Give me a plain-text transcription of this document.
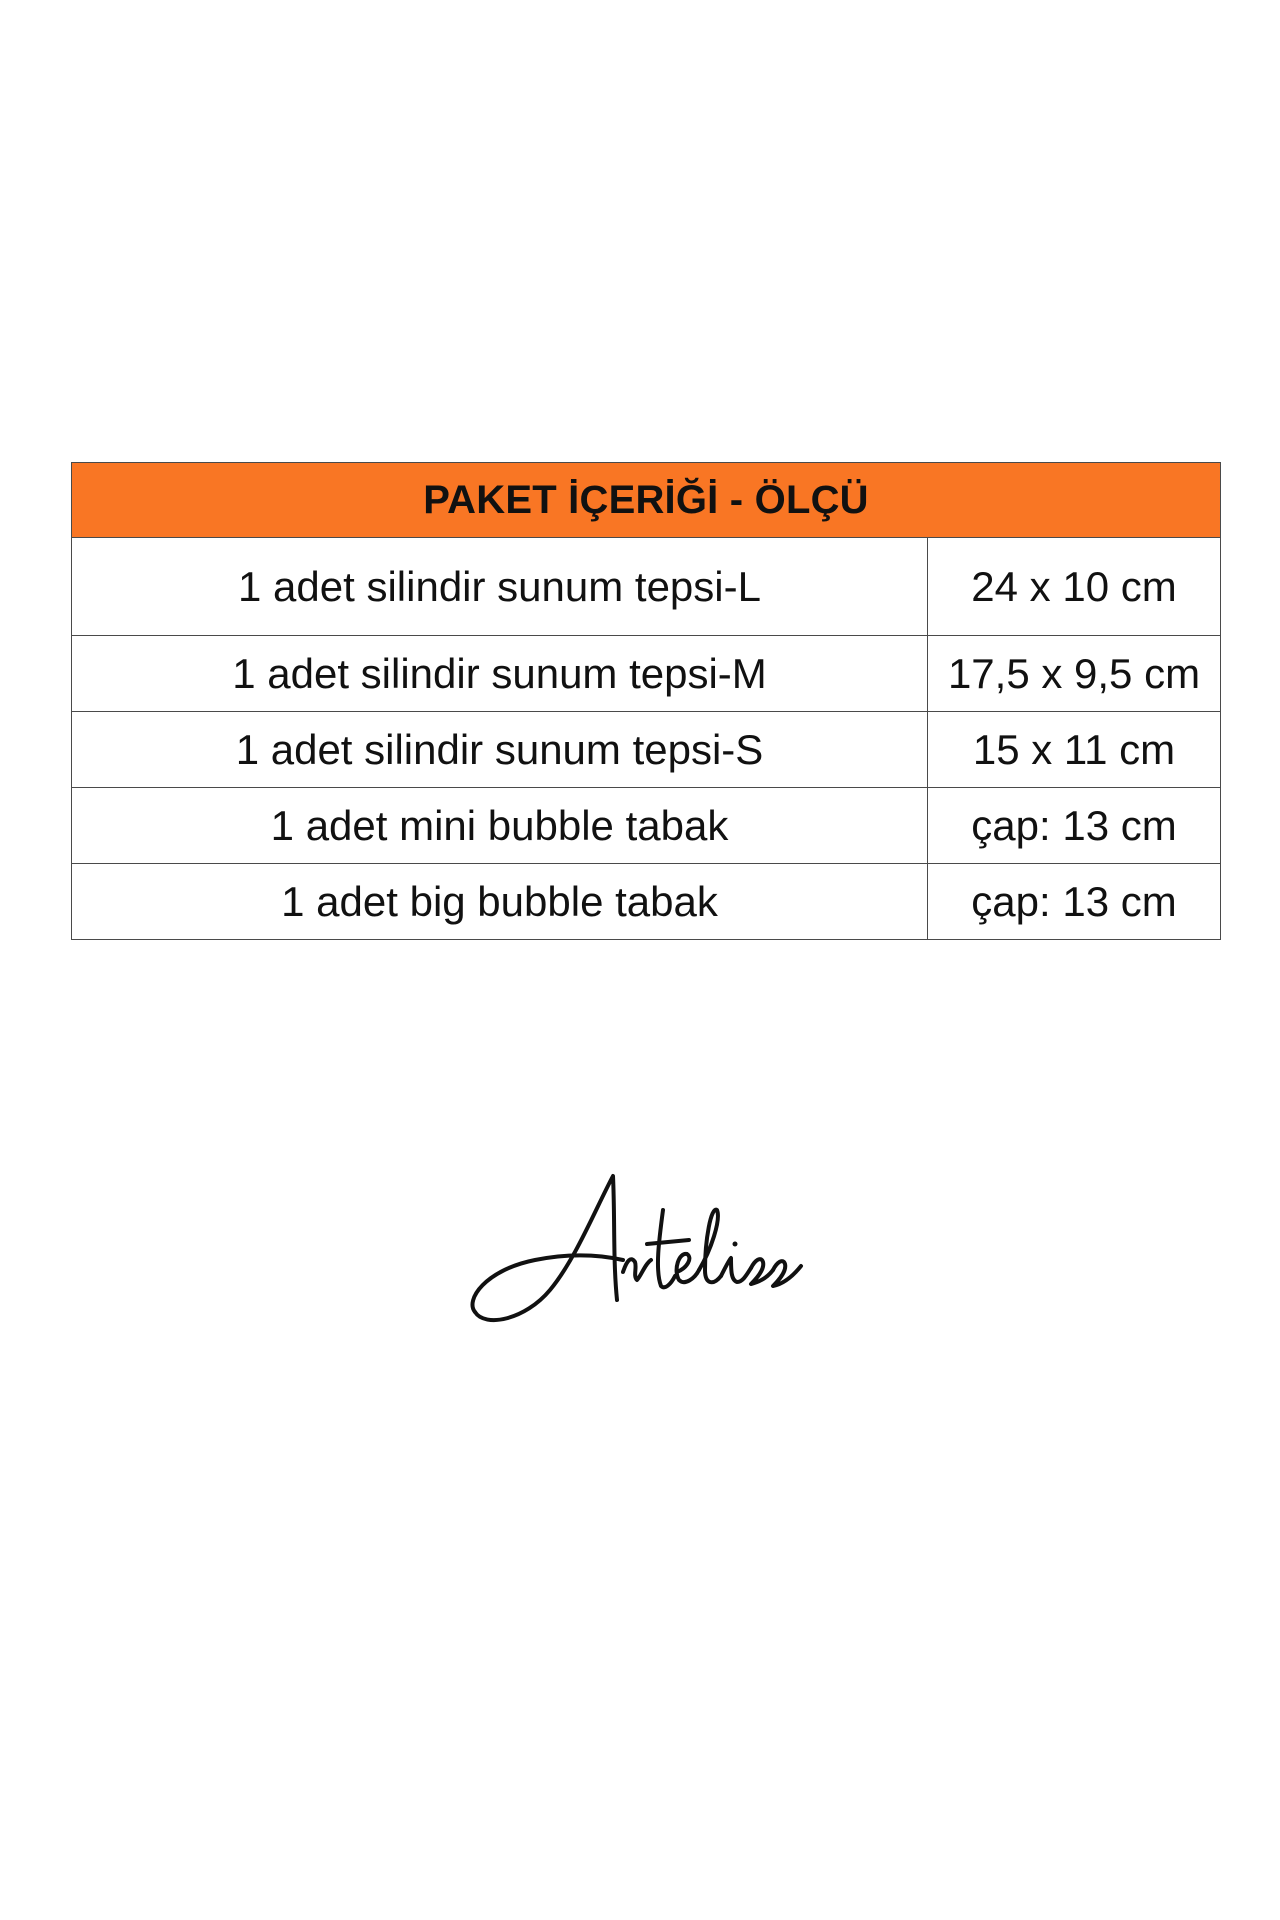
PAKET İÇERİĞİ - ÖLÇÜ	
1 adet silindir sunum tepsi-L	24 x 10 cm
1 adet silindir sunum tepsi-M	17,5 x 9,5 cm
1 adet silindir sunum tepsi-S	15 x 11 cm
1 adet mini bubble tabak	çap: 13 cm
1 adet big bubble tabak	çap: 13 cm
